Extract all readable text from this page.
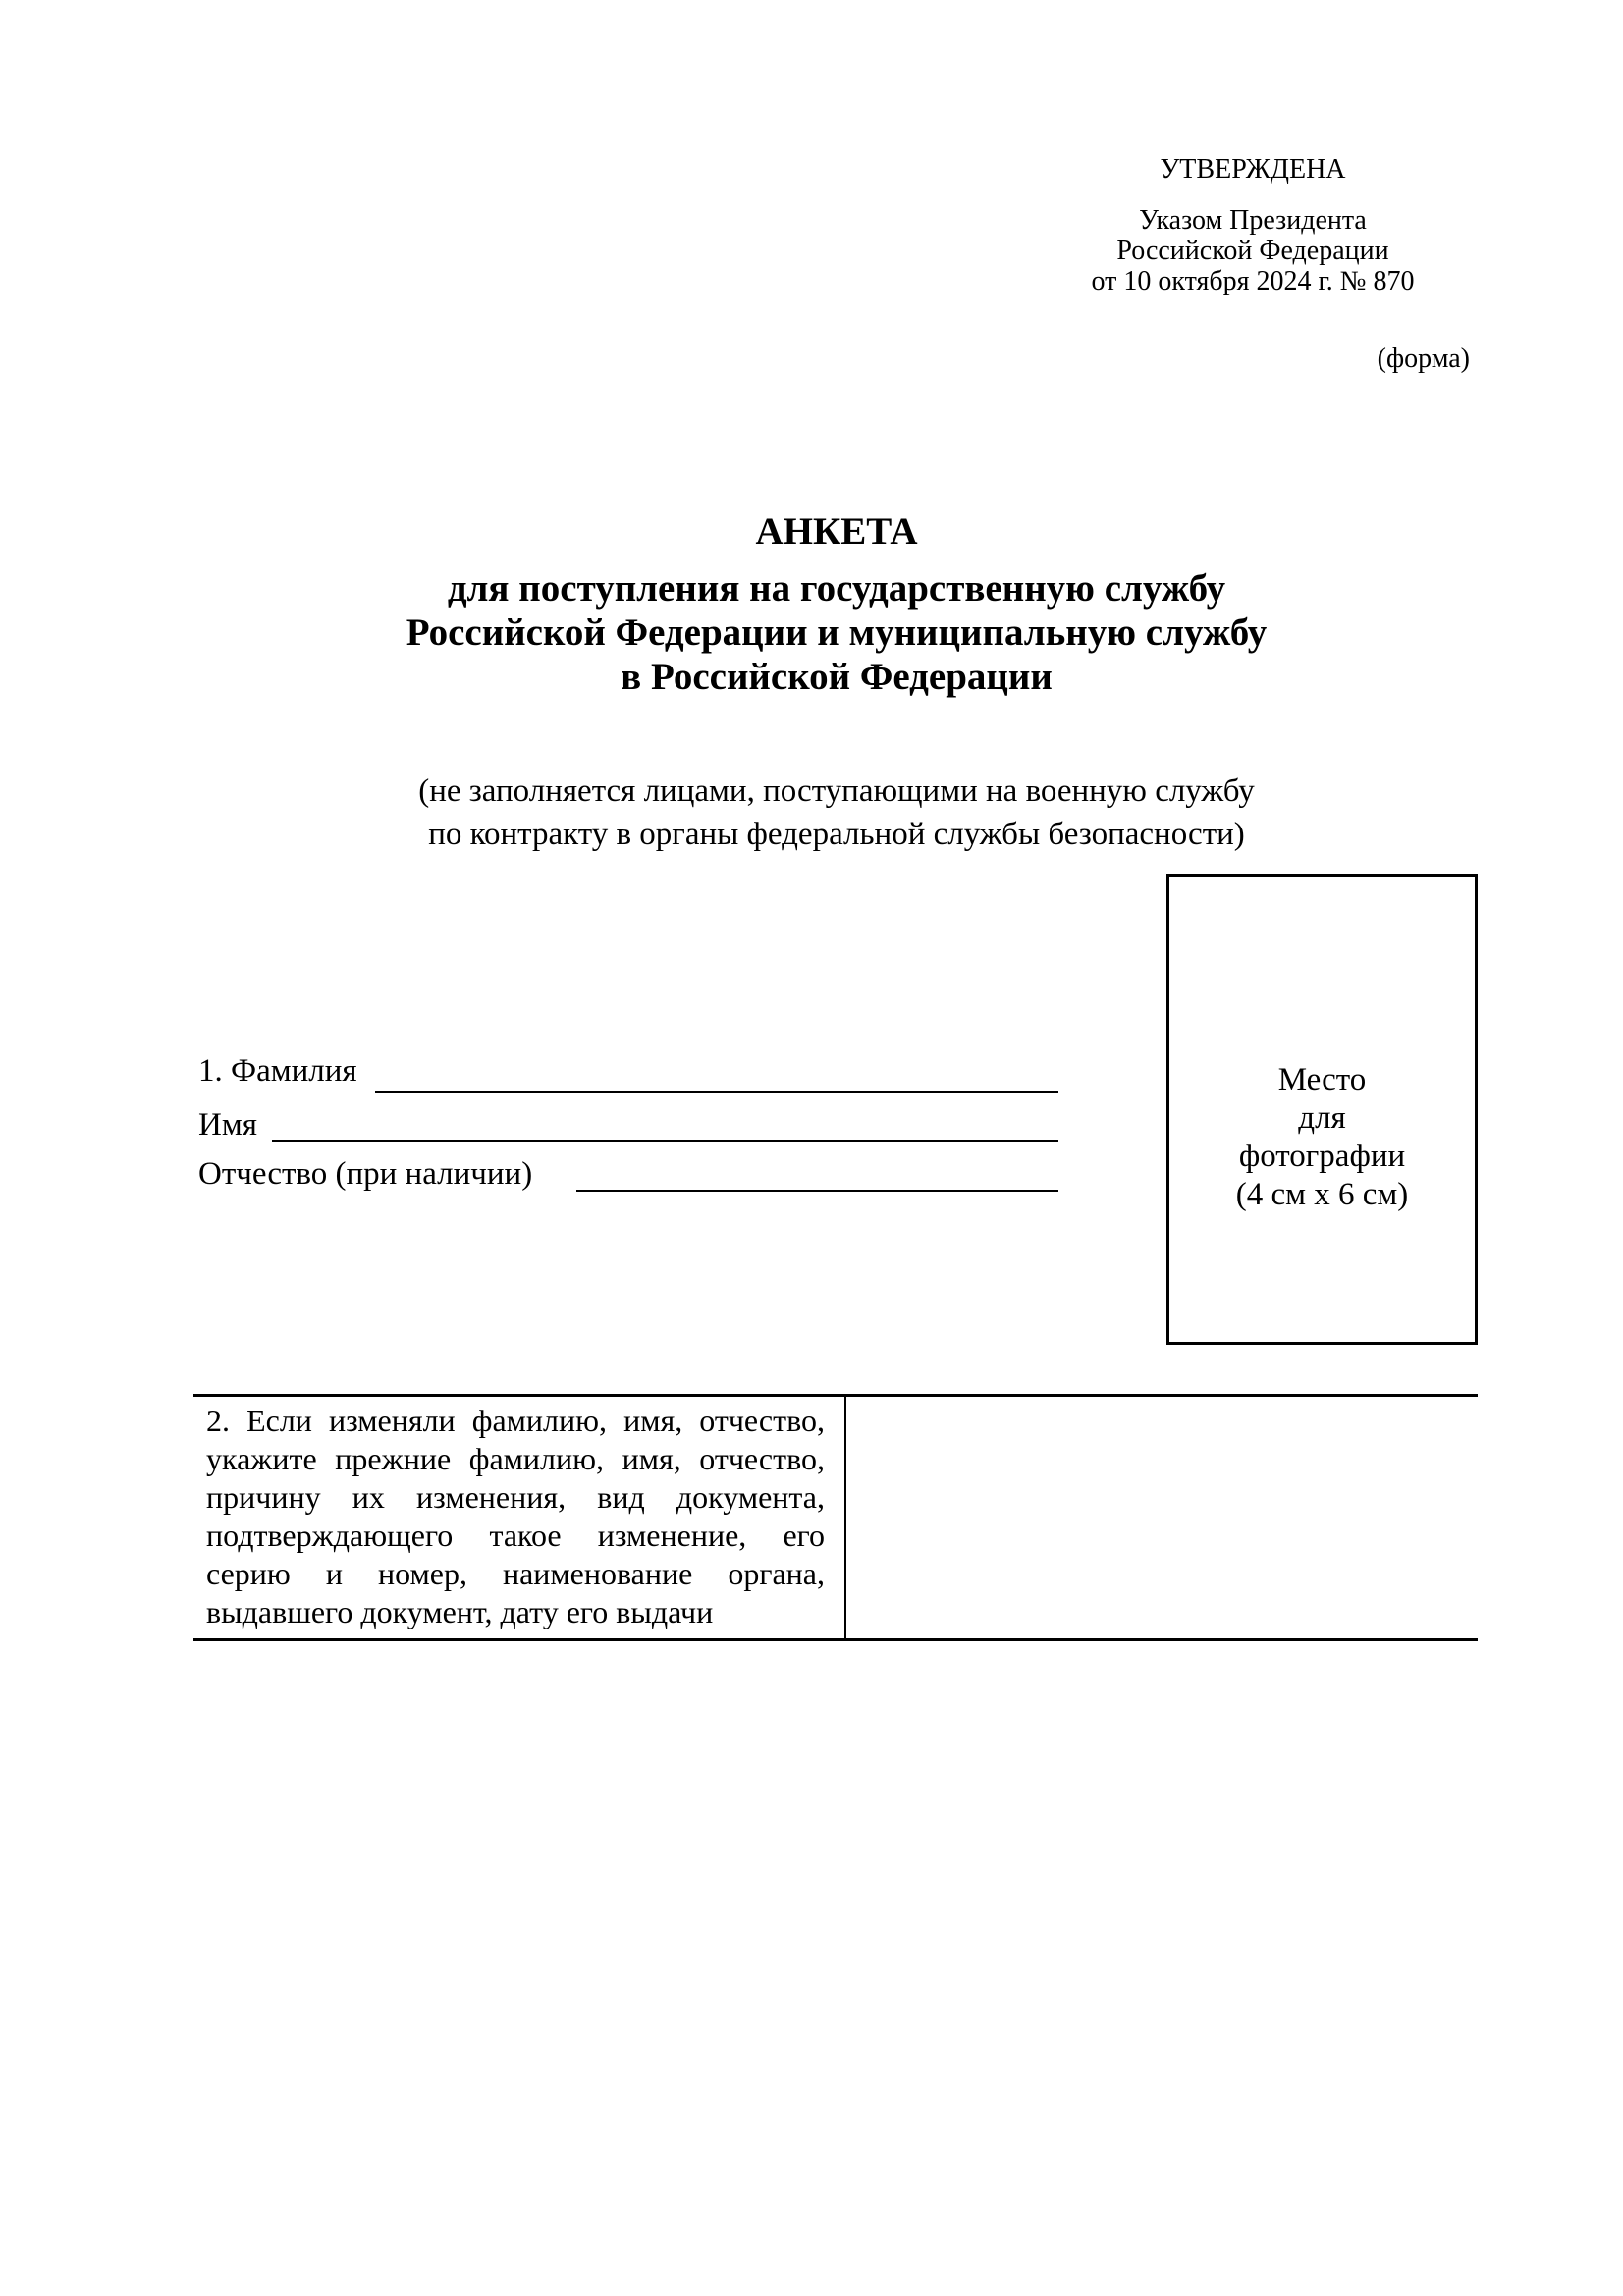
УТВЕРЖДЕНА
Указом Президента
Российской Федерации
от 10 октября 2024 г. № 870
(форма)
АНКЕТА
для поступления на государственную службу
Российской Федерации и муниципальную службу
в Российской Федерации
(не заполняется лицами, поступающими на военную службу
по контракту в органы федеральной службы безопасности)
Место
для
фотографии
(4 см х 6 см)
1. Фамилия
Имя
Отчество (при наличии)
2. Если изменяли фамилию, имя, отчество,
укажите прежние фамилию, имя, отчество,
причину их изменения, вид документа,
подтверждающего такое изменение, его
серию и номер, наименование органа,
выдавшего документ, дату его выдачи
